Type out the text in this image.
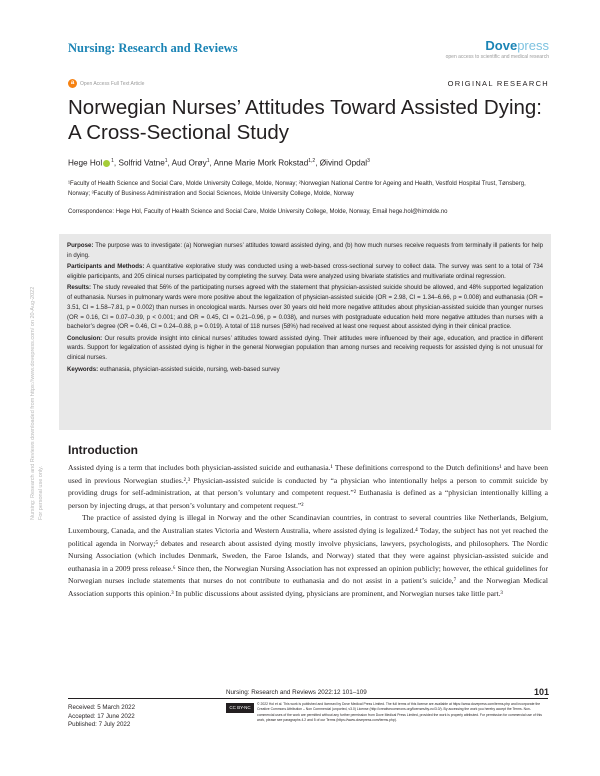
Nursing: Research and Reviews	Dovepress
open access to scientific and medical research
a	Open Access Full Text Article	ORIGINAL RESEARCH
Norwegian Nurses’ Attitudes Toward Assisted Dying: A Cross-Sectional Study
Hege Hol $^1$, Solfrid Vatne$^1$, Aud Orøy$^1$, Anne Marie Mork Rokstad$^{1,2}$, Øivind Opdal$^3$
¹Faculty of Health Science and Social Care, Molde University College, Molde, Norway; ²Norwegian National Centre for Ageing and Health, Vestfold Hospital Trust, Tønsberg, Norway; ³Faculty of Business Administration and Social Sciences, Molde University College, Molde, Norway
Correspondence: Hege Hol, Faculty of Health Science and Social Care, Molde University College, Molde, Norway, Email hege.hol@himolde.no
Nursing: Research and Reviews downloaded from https://www.dovepress.com/ on 20-Aug-2022 For personal use only.

Purpose: The purpose was to investigate: (a) Norwegian nurses’ attitudes toward assisted dying, and (b) how much nurses receive requests from terminally ill patients for help in dying.

Participants and Methods: A quantitative explorative study was conducted using a web-based cross-sectional survey to collect data. The survey was sent to a total of 734 eligible participants, and 205 clinical nurses participated by completing the survey. Data were analyzed using bivariate statistics and multivariate ordinal regression.

Results: The study revealed that 56% of the participating nurses agreed with the statement that physician-assisted suicide should be allowed, and 48% supported legalization of euthanasia. Nurses in pulmonary wards were more positive about the legalization of physician-assisted suicide (OR = 2.98, CI = 1.34–6.66, p = 0.008) and euthanasia (OR = 3.51, CI = 1.58–7.81, p = 0.002) than nurses in oncological wards. Nurses over 30 years old held more negative attitudes about physician-assisted suicide than younger nurses (OR = 0.16, CI = 0.07–0.39, p < 0.001; and OR = 0.45, CI = 0.21–0.96, p = 0.038), and nurses with postgraduate education held more negative attitudes than nurses with a bachelor’s degree (OR = 0.46, CI = 0.24–0.88, p = 0.019). A total of 118 nurses (58%) had received at least one request about assisted dying in their clinical practice.

Conclusion: Our results provide insight into clinical nurses’ attitudes toward assisted dying. Their attitudes were influenced by their age, education, and practice in different wards. Support for legalization of assisted dying is higher in the general Norwegian population than among nurses and receiving requests for assisted dying is not unusual for clinical nurses.

Keywords: euthanasia, physician-assisted suicide, nursing, web-based survey

Introduction

Assisted dying is a term that includes both physician-assisted suicide and euthanasia.¹ These definitions correspond to the Dutch definitions¹ and have been used in previous Norwegian studies.²,³ Physician-assisted suicide is conducted by “a physician who intentionally helps a person to commit suicide by providing drugs for self-administration, at that person’s voluntary and competent request.”² Euthanasia is defined as a “physician intentionally killing a person by injecting drugs, at that person’s voluntary and competent request.”²

The practice of assisted dying is illegal in Norway and the other Scandinavian countries, in contrast to several countries like Netherlands, Belgium, Luxembourg, Canada, and the Australian states Victoria and Western Australia, where assisted dying is legalized.⁴ Today, the subject has not yet reached the political agenda in Norway;⁵ debates and research about assisted dying mostly involve physicians, lawyers, psychologists, and philosophers. The Nordic Nursing Association (which includes Denmark, Sweden, the Faroe Islands, and Norway) stated that they were against physician-assisted suicide and euthanasia in a 2009 press release.⁶ Since then, the Norwegian Nursing Association has not expressed an opinion publicly; however, the ethical guidelines for Norwegian nurses include statements that nurses do not contribute to euthanasia and do not assist in a patient’s suicide,⁷ and the Norwegian Medical Association supports this opinion.³ In public discussions about assisted dying, physicians are prominent, and Norwegian nurses take little part.³

Nursing: Research and Reviews 2022:12 101–109	101
Received: 5 March 2022
Accepted: 17 June 2022
Published: 7 July 2022
CC BY-NC
© 2022 Hol et al. This work is published and licensed by Dove Medical Press Limited. The full terms of this license are available at https://www.dovepress.com/terms.php and incorporate the Creative Commons Attribution – Non Commercial (unported, v3.0) License (http://creativecommons.org/licenses/by-nc/3.0/). By accessing the work you hereby accept the Terms. Non-commercial uses of the work are permitted without any further permission from Dove Medical Press Limited, provided the work is properly attributed. For permission for commercial use of this work, please see paragraphs 4.2 and 5 of our Terms (https://www.dovepress.com/terms.php).
